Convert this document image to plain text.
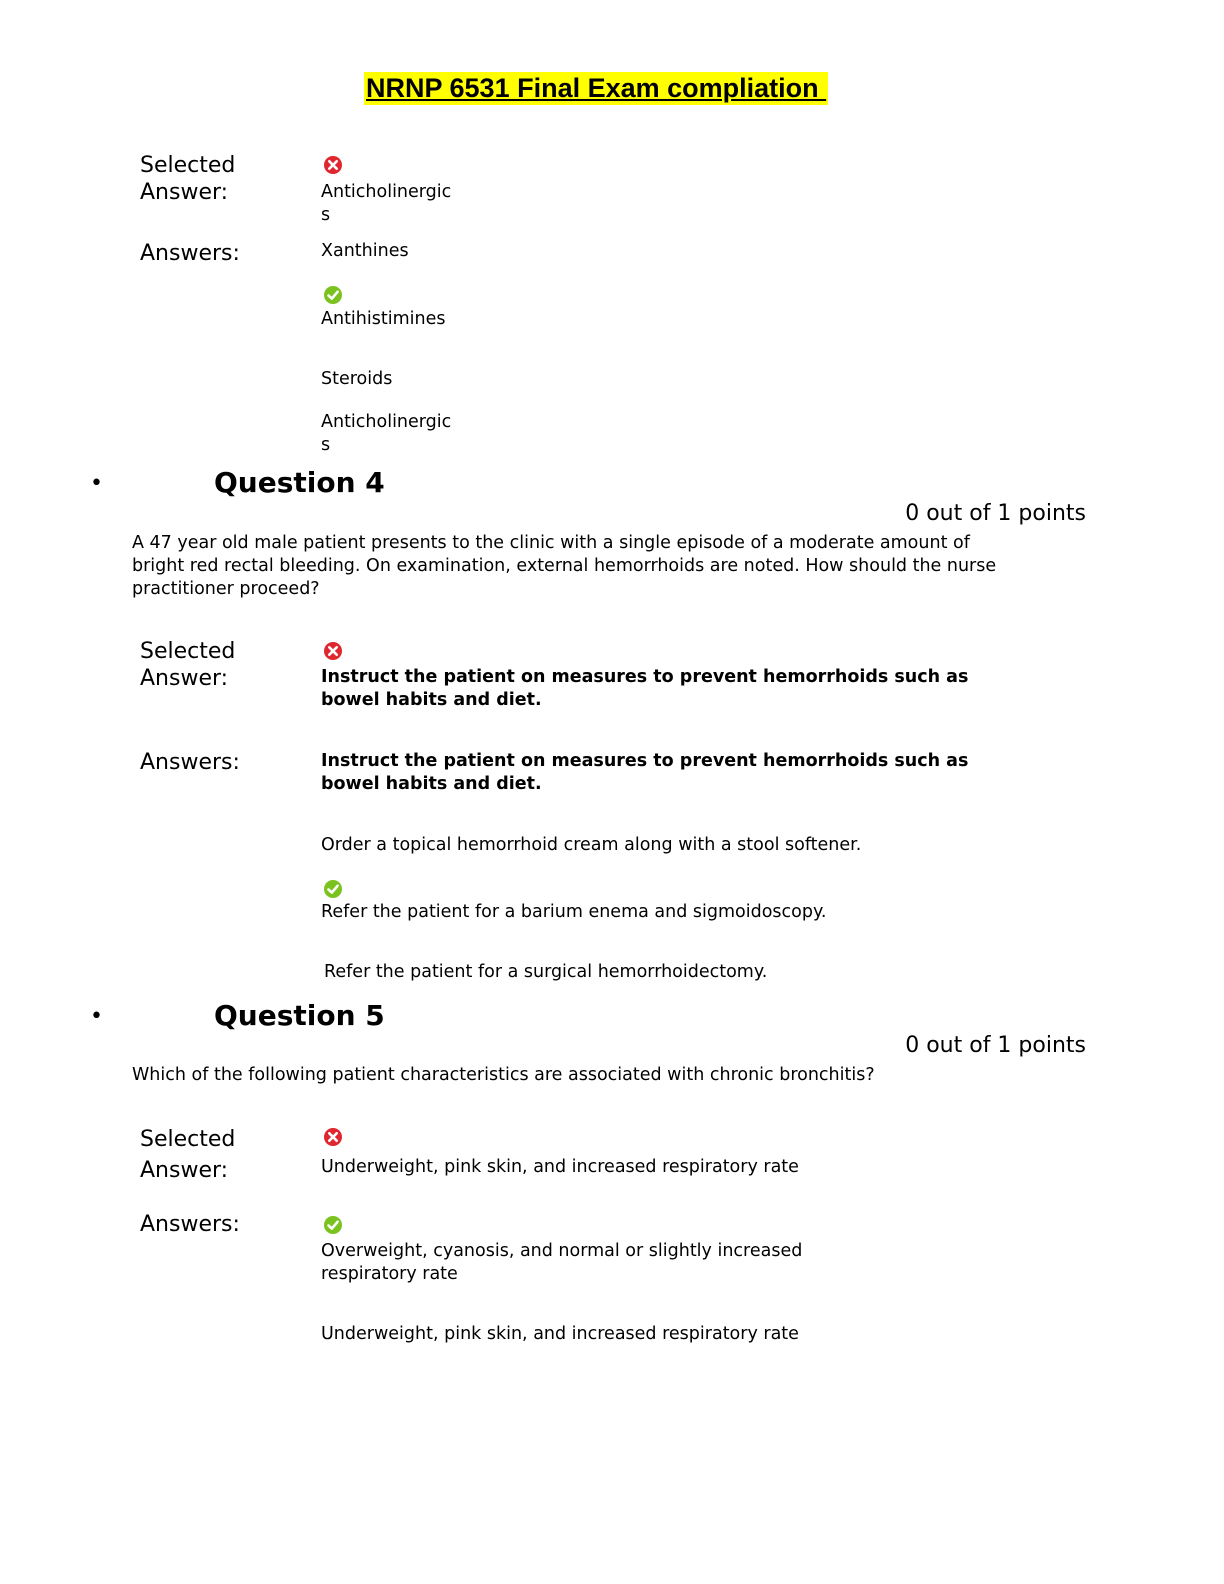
NRNP 6531 Final Exam compliation
Selected
Answer:	Anticholinergics
Answers:	Xanthines
Antihistimines
Steroids
Anticholinergics
•	Question 4
0 out of 1 points
A 47 year old male patient presents to the clinic with a single episode of a moderate amount of bright red rectal bleeding. On examination, external hemorrhoids are noted. How should the nurse practitioner proceed?
Selected
Answer:	Instruct the patient on measures to prevent hemorrhoids such as bowel habits and diet.
Answers:	Instruct the patient on measures to prevent hemorrhoids such as bowel habits and diet.
Order a topical hemorrhoid cream along with a stool softener.
Refer the patient for a barium enema and sigmoidoscopy.
Refer the patient for a surgical hemorrhoidectomy.
•	Question 5
0 out of 1 points
Which of the following patient characteristics are associated with chronic bronchitis?
Selected
Answer:	Underweight, pink skin, and increased respiratory rate
Answers:
Overweight, cyanosis, and normal or slightly increased respiratory rate
Underweight, pink skin, and increased respiratory rate
